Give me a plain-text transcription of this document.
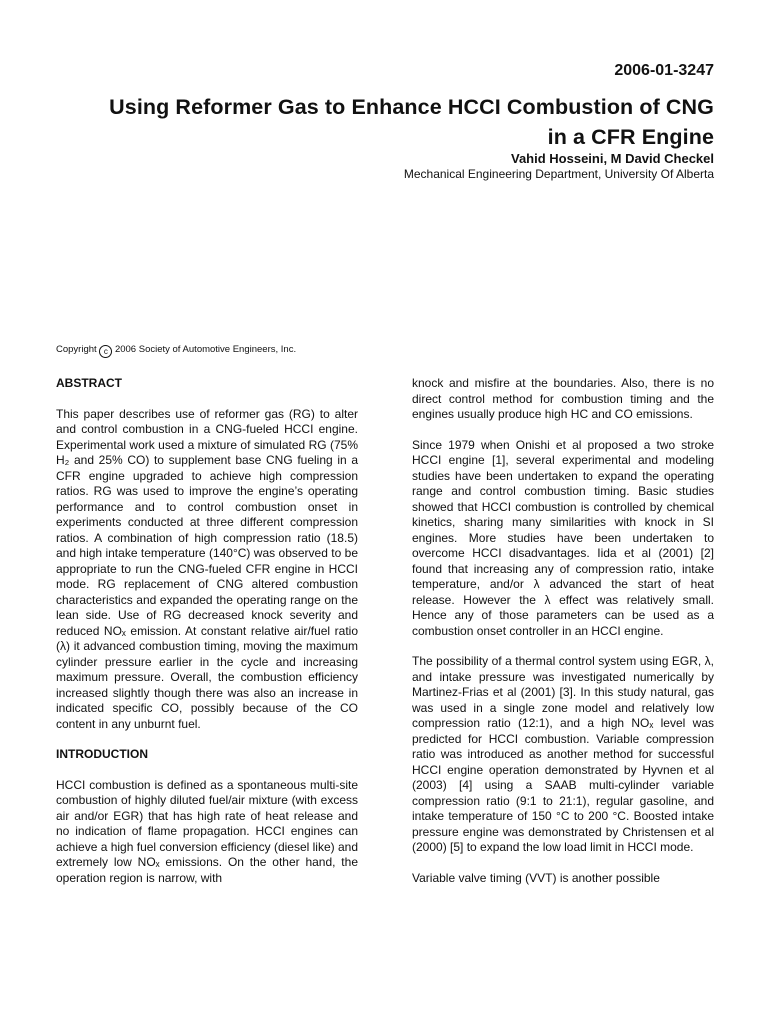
2006-01-3247
Using Reformer Gas to Enhance HCCI Combustion of CNG
in a CFR Engine
Vahid Hosseini, M David Checkel
Mechanical Engineering Department, University Of Alberta
Copyright c 2006 Society of Automotive Engineers, Inc.
ABSTRACT

This paper describes use of reformer gas (RG) to alter and control combustion in a CNG-fueled HCCI engine. Experimental work used a mixture of simulated RG (75% H₂ and 25% CO) to supplement base CNG fueling in a CFR engine upgraded to achieve high compression ratios. RG was used to improve the engine’s operating performance and to control combustion onset in experiments conducted at three different compression ratios. A combination of high compression ratio (18.5) and high intake temperature (140°C) was observed to be appropriate to run the CNG-fueled CFR engine in HCCI mode. RG replacement of CNG altered combustion characteristics and expanded the operating range on the lean side. Use of RG decreased knock severity and reduced NOₓ emission. At constant relative air/fuel ratio (λ) it advanced combustion timing, moving the maximum cylinder pressure earlier in the cycle and increasing maximum pressure. Overall, the combustion efficiency increased slightly though there was also an increase in indicated specific CO, possibly because of the CO content in any unburnt fuel.

INTRODUCTION

HCCI combustion is defined as a spontaneous multi-site combustion of highly diluted fuel/air mixture (with excess air and/or EGR) that has high rate of heat release and no indication of flame propagation. HCCI engines can achieve a high fuel conversion efficiency (diesel like) and extremely low NOₓ emissions. On the other hand, the operation region is narrow, with

knock and misfire at the boundaries. Also, there is no direct control method for combustion timing and the engines usually produce high HC and CO emissions.

Since 1979 when Onishi et al proposed a two stroke HCCI engine [1], several experimental and modeling studies have been undertaken to expand the operating range and control combustion timing. Basic studies showed that HCCI combustion is controlled by chemical kinetics, sharing many similarities with knock in SI engines. More studies have been undertaken to overcome HCCI disadvantages. Iida et al (2001) [2] found that increasing any of compression ratio, intake temperature, and/or λ advanced the start of heat release. However the λ effect was relatively small. Hence any of those parameters can be used as a combustion onset controller in an HCCI engine.

The possibility of a thermal control system using EGR, λ, and intake pressure was investigated numerically by Martinez-Frias et al (2001) [3]. In this study natural, gas was used in a single zone model and relatively low compression ratio (12:1), and a high NOₓ level was predicted for HCCI combustion. Variable compression ratio was introduced as another method for successful HCCI engine operation demonstrated by Hyvnen et al (2003) [4] using a SAAB multi-cylinder variable compression ratio (9:1 to 21:1), regular gasoline, and intake temperature of 150 °C to 200 °C. Boosted intake pressure engine was demonstrated by Christensen et al (2000) [5] to expand the low load limit in HCCI mode.

Variable valve timing (VVT) is another possible
